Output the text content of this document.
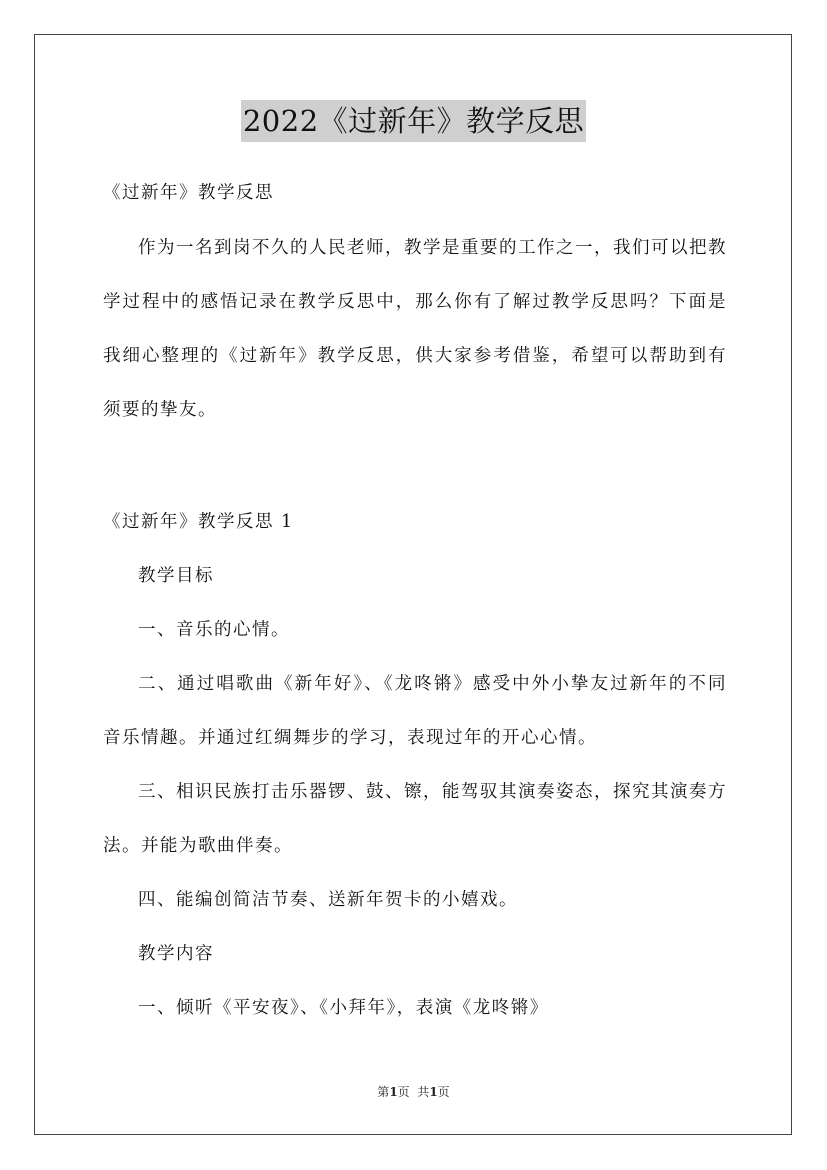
2022《过新年》教学反思

《过新年》教学反思

作为一名到岗不久的人民老师，教学是重要的工作之一，我们可以把教学过程中的感悟记录在教学反思中，那么你有了解过教学反思吗？下面是我细心整理的《过新年》教学反思，供大家参考借鉴，希望可以帮助到有须要的挚友。

《过新年》教学反思 1

教学目标

一、音乐的心情。

二、通过唱歌曲《新年好》、《龙咚锵》感受中外小挚友过新年的不同音乐情趣。并通过红绸舞步的学习，表现过年的开心心情。

三、相识民族打击乐器锣、鼓、镲，能驾驭其演奏姿态，探究其演奏方法。并能为歌曲伴奏。

四、能编创简洁节奏、送新年贺卡的小嬉戏。

教学内容

一、倾听《平安夜》、《小拜年》，表演《龙咚锵》

第1页  共1页
